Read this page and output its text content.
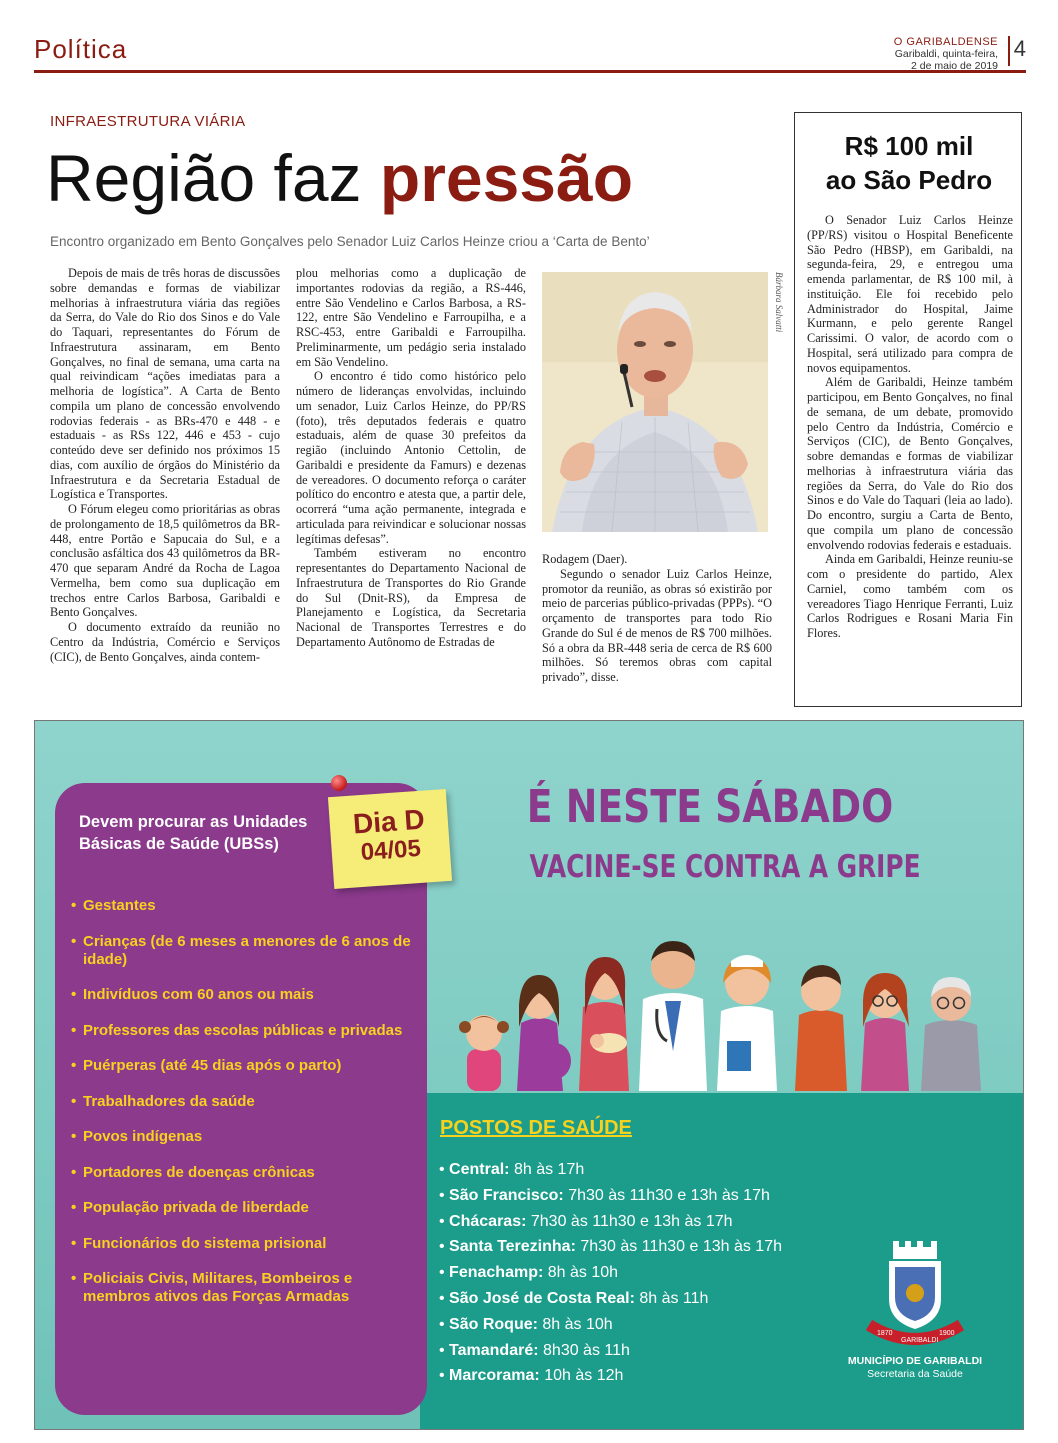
Política	O GARIBALDENSE
Garibaldi, quinta-feira,
2 de maio de 2019
4
INFRAESTRUTURA VIÁRIA
Região faz pressão
Encontro organizado em Bento Gonçalves pelo Senador Luiz Carlos Heinze criou a ‘Carta de Bento’

Depois de mais de três horas de discussões sobre demandas e formas de viabilizar melhorias à infraestrutura viária das regiões da Serra, do Vale do Rio dos Sinos e do Vale do Taquari, representantes do Fórum de Infraestrutura assinaram, em Bento Gonçalves, no final de semana, uma carta na qual reivindicam “ações imediatas para a melhoria de logística”. A Carta de Bento compila um plano de concessão envolvendo rodovias federais - as BRs-470 e 448 - e estaduais - as RSs 122, 446 e 453 - cujo conteúdo deve ser definido nos próximos 15 dias, com auxílio de órgãos do Ministério da Infraestrutura e da Secretaria Estadual de Logística e Transportes.

O Fórum elegeu como prioritárias as obras de prolongamento de 18,5 quilômetros da BR-448, entre Portão e Sapucaia do Sul, e a conclusão asfáltica dos 43 quilômetros da BR-470 que separam André da Rocha de Lagoa Vermelha, bem como sua duplicação em trechos entre Carlos Barbosa, Garibaldi e Bento Gonçalves.

O documento extraído da reunião no Centro da Indústria, Comércio e Serviços (CIC), de Bento Gonçalves, ainda contem-

plou melhorias como a duplicação de importantes rodovias da região, a RS-446, entre São Vendelino e Carlos Barbosa, a RS-122, entre São Vendelino e Farroupilha, e a RSC-453, entre Garibaldi e Farroupilha. Preliminarmente, um pedágio seria instalado em São Vendelino.

O encontro é tido como histórico pelo número de lideranças envolvidas, incluindo um senador, Luiz Carlos Heinze, do PP/RS (foto), três deputados federais e quatro estaduais, além de quase 30 prefeitos da região (incluindo Antonio Cettolin, de Garibaldi e presidente da Famurs) e dezenas de vereadores. O documento reforça o caráter político do encontro e atesta que, a partir dele, ocorrerá “uma ação permanente, integrada e articulada para reivindicar e solucionar nossas legítimas defesas”.

Também estiveram no encontro representantes do Departamento Nacional de Infraestrutura de Transportes do Rio Grande do Sul (Dnit-RS), da Empresa de Planejamento e Logística, da Secretaria Nacional de Transportes Terrestres e do Departamento Autônomo de Estradas de

Bárbara Salvatti

Rodagem (Daer).

Segundo o senador Luiz Carlos Heinze, promotor da reunião, as obras só existirão por meio de parcerias público-privadas (PPPs). “O orçamento de transportes para todo Rio Grande do Sul é de menos de R$ 700 milhões. Só a obra da BR-448 seria de cerca de R$ 600 milhões. Só teremos obras com capital privado”, disse.

R$ 100 mil
ao São Pedro

O Senador Luiz Carlos Heinze (PP/RS) visitou o Hospital Beneficente São Pedro (HBSP), em Garibaldi, na segunda-feira, 29, e entregou uma emenda parlamentar, de R$ 100 mil, à instituição. Ele foi recebido pelo Administrador do Hospital, Jaime Kurmann, e pelo gerente Rangel Carissimi. O valor, de acordo com o Hospital, será utilizado para compra de novos equipamentos.

Além de Garibaldi, Heinze também participou, em Bento Gonçalves, no final de semana, de um debate, promovido pelo Centro da Indústria, Comércio e Serviços (CIC), de Bento Gonçalves, sobre demandas e formas de viabilizar melhorias à infraestrutura viária das regiões da Serra, do Vale do Rio dos Sinos e do Vale do Taquari (leia ao lado). Do encontro, surgiu a Carta de Bento, que compila um plano de concessão envolvendo rodovias federais e estaduais.

Ainda em Garibaldi, Heinze reuniu-se com o presidente do partido, Alex Carniel, como também com os vereadores Tiago Henrique Ferranti, Luiz Carlos Rodrigues e Rosani Maria Fin Flores.

Devem procurar as Unidades Básicas de Saúde (UBSs)
• Gestantes
• Crianças (de 6 meses a menores de 6 anos de idade)
• Indivíduos com 60 anos ou mais
• Professores das escolas públicas e privadas
• Puérperas (até 45 dias após o parto)
• Trabalhadores da saúde
• Povos indígenas
• Portadores de doenças crônicas
• População privada de liberdade
• Funcionários do sistema prisional
• Policiais Civis, Militares, Bombeiros e membros ativos das Forças Armadas
Dia D
04/05
É NESTE SÁBADO
VACINE-SE CONTRA A GRIPE
POSTOS DE SAÚDE
• Central: 8h às 17h
• São Francisco: 7h30 às 11h30 e 13h às 17h
• Chácaras: 7h30 às 11h30 e 13h às 17h
• Santa Terezinha: 7h30 às 11h30 e 13h às 17h
• Fenachamp: 8h às 10h
• São José de Costa Real: 8h às 11h
• São Roque: 8h às 10h
• Tamandaré: 8h30 às 11h
• Marcorama: 10h às 12h
1870
GARIBALDI
1900
MUNICÍPIO DE GARIBALDI
Secretaria da Saúde
